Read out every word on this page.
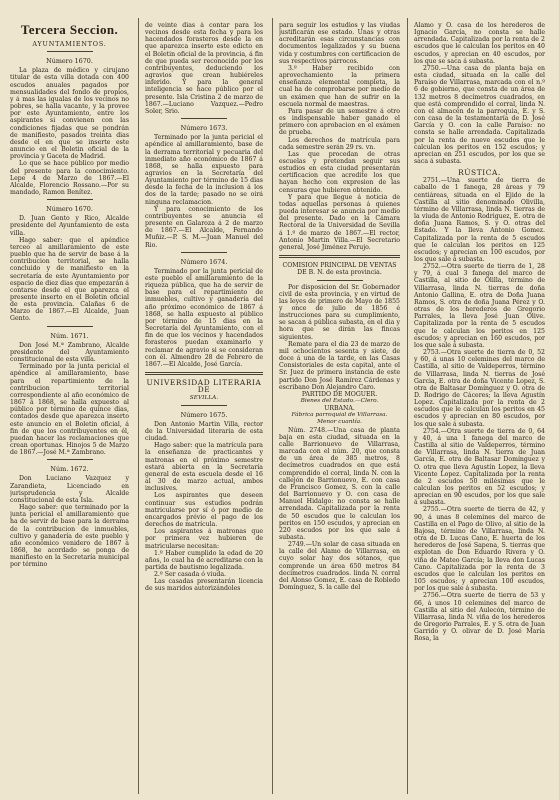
Tercera Seccion.
AYUNTAMIENTOS.
Número 1670.

La plaza de médico y cirujano titular de esta villa dotada con 400 escudos anuales pagados por mensualidades del fondo de propios, y á mas las igualas de los vecinos no pobres, se halla vacante, y la provee por este Ayuntamiento, entre los aspirantes si convienen con las condiciones fijadas que se pondrán de manifiesto, pasados treinta dias desde el en que se inserte este anuncio en el Boletin oficial de la provincia y Gaceta de Madrid.

Lo que se hace público por medio del presente para la conocimiento. Lepe 4 de Marzo de 1867.—El Alcalde, Florencio Rossano.—Por su mandado, Ramon Benítez.

Número 1670.

D. Juan Gento y Rico, Alcalde presidente del Ayuntamiento de esta villa.

Hago saber: que el apéndice terceo al amillaramiento de este pueblo que ha de servir de base á la contribucion territorial, se halla concluido y de manifiesto en la secretaría de este Ayuntamiento por espacio de diez dias que empezarán á contarse desde el que aparezca el presente inserto en el Boletin oficial de esta provincia. Calañas 6 de Marzo de 1867.—El Alcalde, Juan Gento.

Núm. 1671.

Don José M.ª Zambrano, Alcalde presidente del Ayuntamiento constitucional de esta villa.

Terminado por la junta pericial el apéndice al amillaramiento, base para el repartimiento de la contribucion territorial correspondiente al año económico de 1867 á 1868, se halla expuesto al público por término de quince dias, contados desde que aparezca inserto este anuncio en el Boletin oficial, á fin de que los contribuyentes en él, puedan hacer las reclamaciones que crean oportunas. Hinojos 5 de Marzo de 1867.—José M.ª Zambrano.

Núm. 1672.

Don Luciano Vazquez y Zarandieta, Licenciado en jurisprudencia y Alcalde constitucional de esta Isla.

Hago saber: que terminado por la junta pericial el amillaramiento que ha de servir de base para la derrama de la contribucion de inmuebles, cultivo y ganadería de este pueblo y año económico venidero de 1867 á 1868, he acordado se ponga de manifiesto en la Secretaría municipal por término

de veinte dias á contar para los vecinos desde esta fecha y para los hacendados forasteros desde la en que aparezca inserto este edicto en el Boletin oficial de la provincia, á fin de que pueda ser reconocido por los contribuyentes, deduciendo los agravios que crean hubiéreles inferido. Y para la general inteligencia se hace público por el presente. Isla Cristina 2 de marzo de 1867.—Luciano Vazquez.—Pedro Soler, Srio.

Número 1673.

Terminado por la junta pericial el apéndice al amillaramiento, base de la derrama territorial y pecuaria del inmediato año económico de 1867 á 1868, se halla expuesto para agravios en la Secretaría del Ayuntamiento por término de 15 dias desde la fecha de la inclusion á los dos de la tarde; pasado no se oirá ninguna reclamacion.

Y para conocimiento de los contribuyentes se anuncia el presente en Galaroza á 2 de marzo de 1867.—El Alcalde, Fernando Muñiz.—P. S. M.—Juan Manuel del Rio.

Número 1674.

Terminado por la junta pericial de este pueblo el amillaramiento de la riqueza pública, que ha de servir de base para el repartimiento de inmuebles, cultivo y ganadería del año próximo económico de 1867 á 1868, se halla expuesto al público por término de 15 dias en la Secretaría del Ayuntamiento, con el fin de que los vecinos y hacendados forasteros puedan examinarlo y reclamar de agravio si se consideran con él. Almendro 28 de Febrero de 1867.—El Alcalde, José García.

UNIVERSIDAD LITERARIA DE
SEVILLA.
Número 1675.

Don Antonio Martin Villa, rector de la Universidad literaria de esta ciudad.

Hago saber: que la matrícula para la enseñanza de practicantes y matronas en el próximo semestre estará abierta en la Secretaría general de esta escuela desde el 16 al 30 de marzo actual, ambos inclusives.

Los aspirantes que deseen continuar sus estudios podrán matricularse por sí ó por medio de encargados prévio el pago de los derechos de matrícula.

Los aspirantes á matronas que por primera vez hubieren de matricularse necesitan:

1.º Haber cumplido la edad de 20 años, lo cual ha de acreditarse con la partida de bautismo legalizada.

2.º Ser casada ó viuda.

Las casadas presentarán licencia de sus maridos autorizándoles

para seguir los estudios y las viudas justificarán ese estado. Unas y otras acreditarán esas circunstancias con documentos legalizados y su buena vida y costumbres con certificacion de sus respectivos párrocos.

3.º Haber recibido con aprovechamiento la primera enseñanza elemental completa, la cual ha de comprobarse por medio de un exámen que han de sufrir en la escuela normal de maestras.

Para pasar de un semestre á otro es indispensable haber ganado el primero con aprobacion en el exámen de prueba.

Los derechos de matrícula para cada semestre serán 29 rs. vn.

Las que procedan de otras escuelas y pretendan seguir sus estudios en esta ciudad presentarán certificacion que acredite los que hayan hecho con expresion de las censuras que hubieren obtenido.

Y para que llegue á noticia de todas aquellas personas á quienes pueda interesar se anuncia por medio del presente. Dado en la Cámara Rectoral de la Universidad de Sevilla á 1.º de marzo de 1867.—El rector, Antonio Martin Villa.—El Secretario general, José Jiménez Perujo.

COMISION PRINCIPAL DE VENTAS DE B. N. de esta provincia.

Por disposicion del Sr. Gobernador civil de esta provincia, y en virtud de las leyes de primero de Mayo de 1855 y once de julio de 1856 é instrucciones para su cumplimiento, se sacan á pública subasta, en el dia y hora que se dirán las fincas siguientes.

Remate para el dia 23 de marzo de mil ochocientos sesenta y siete, de doce á una de la tarde, en las Casas Consistoriales de esta capital, ante el Sr. Juez de primera instancia de este partido Don José Ramírez Cárdenas y escribano Don Alejandro Caro.

PARTIDO DE MOGUER.
Bienes del Estado.—Clero.
URBANA.
Fábrica parroquial de Villarrasa.
Menor cuantía.

Núm. 2748.—Una casa de planta baja en esta ciudad, situada en la calle Barrionuevo de Villarrasa, marcada con el núm. 20, que consta de un área de 385 metros, 8 decímetros cuadrados en que está comprendido el corral, linda N. con la callejón de Barrionuevo, E. con casa de Francisco Gomez, S. con la calle del Barrionuevo y O. con casa de Manuel Hidalgo: no consta se halle arrendada. Capitalizada por la renta de 50 escudos que le calculan los peritos en 150 escudos, y aprecian en 220 escudos por los que sale á subasta.

2749.—Un solar de casa situada en la calle del Alamo de Villarrasa, en cuyo solar hay dos sótanos, que comprende un área 650 metros 84 decímetros cuadrados. linda N. corral del Alonso Gomez, E. casa de Robledo Domínguez, S. la calle del

Alamo y O. casa de los herederos de Ignacio García, no consta se halle arrendada. Capitalizada por la renta de 2 escudos que le calculan los peritos en 40 escudos, y aprecian en 40 escudos, por los que se saca á subasta.

2750.—Una casa de planta baja en esta ciudad, situada en la calle del Paraíso de Villarrasa, marcada con el n.º 6 de gobierno, que consta de un área de 132 metros 8 decímetros cuadrados, en que está comprendido el corral, linda N. con el almacén de la parroquia, E. y S. con casa de la testamentaría de D. José García y O. con la calle Paraíso: no consta se halle arrendada. Capitalizada por la renta de nueve escudos que le calculan los peritos en 152 escudos; y aprecian en 251 escudos, por los que se saca á subasta.

RÚSTICA.

2751.—Una suerte de tierra de caballo de 1 fanega, 28 áreas y 79 centiáreas, situada en el Ejido de la Castilla al sitio denominado Olivilla, término de Villarrasa, linda N. tierras de la viuda de Antonio Rodriguez, E. otra de doña Juana Ramos, S. y O. otras del Estado. Y la lleva Antonio Gomez. Capitalizada por la renta de 5 escudos que le calculan los peritos en 125 escudos; y aprecian en 100 escudos, por los que sale á subasta.

2752.—Otra suerte de tierra de 1, 28 y 79, á cual 3 fanega del marco de Castilla, al sitio de Olilla, término de Villarrasa, linda N. tierras de doña Antonio Gallina, E. otra de Doña Juana Ramos, S. otra de doña Juana Pérez y O. otras de los herederos de Gregorio Parrales, la lleva José Juan Olive. Capitalizada por la renta de 5 escudos que le calculan los peritos en 125 escudos; y aprecian en 160 escudos, por los que sale á subasta.

2753.—Otra suerte de tierra de 0, 52 y 60, á unas 10 celemines del marco de Castilla, al sitio de Valdeperros, término de Villarrasa, linda N. tierras de José Garcia, E. otra de doña Vicente Lopez, S. otra de Baltasar Domínguez y O. otra de D. Rodrigo de Cáceres; la lleva Agustín Lopez. Capitalizada por la renta de 2 escudos que le calculan los peritos en 45 escudos y aprecian en 80 escudos, por los que sale á subasta.

2754.—Otra suerte de tierra de 0, 64 y 40, á una 1 fanega del marco de Castilla al sitio de Valdeperros, término de Villarrasa, linda N. tierra de Juan García, E. otra de Baltasar Domínguez y O. otra que lleva Agustín Lopez, la lleva Vicente Lopez. Capitalizada por la renta de 2 escudos 50 milésimas que le calculan los peritos en 52 escudos; y aprecian en 90 escudos, por los que sale á subasta.

2755.—Otra suerte de tierra de 42, y 90, á unas 8 celemines del marco de Castilla en el Pago de Olivo, al sitio de la Bajosa, término de Villarrasa, linda N. otra de D. Lucas Cano, E. huerta de los herederos de José Sapena, S. tierras que explotan de Don Eduardo Rivera y O. viña de Mateo García; la lleva don Lucas Cano. Capitalizada por la renta de 3 escudos que le calculan los peritos en 105 escudos; y aprecian 100 escudos, por los que sale á subasta.

2756.—Otra suerte de tierra de 53 y 66, á unos 10 celemines del marco de Castilla al sitio del Aulecón, término de Villarrasa, linda N. viña de los herederos de Gregorio Parrales, E. y S. otra de Juan Garrido y O. olivar de D. José María Rosa, la
